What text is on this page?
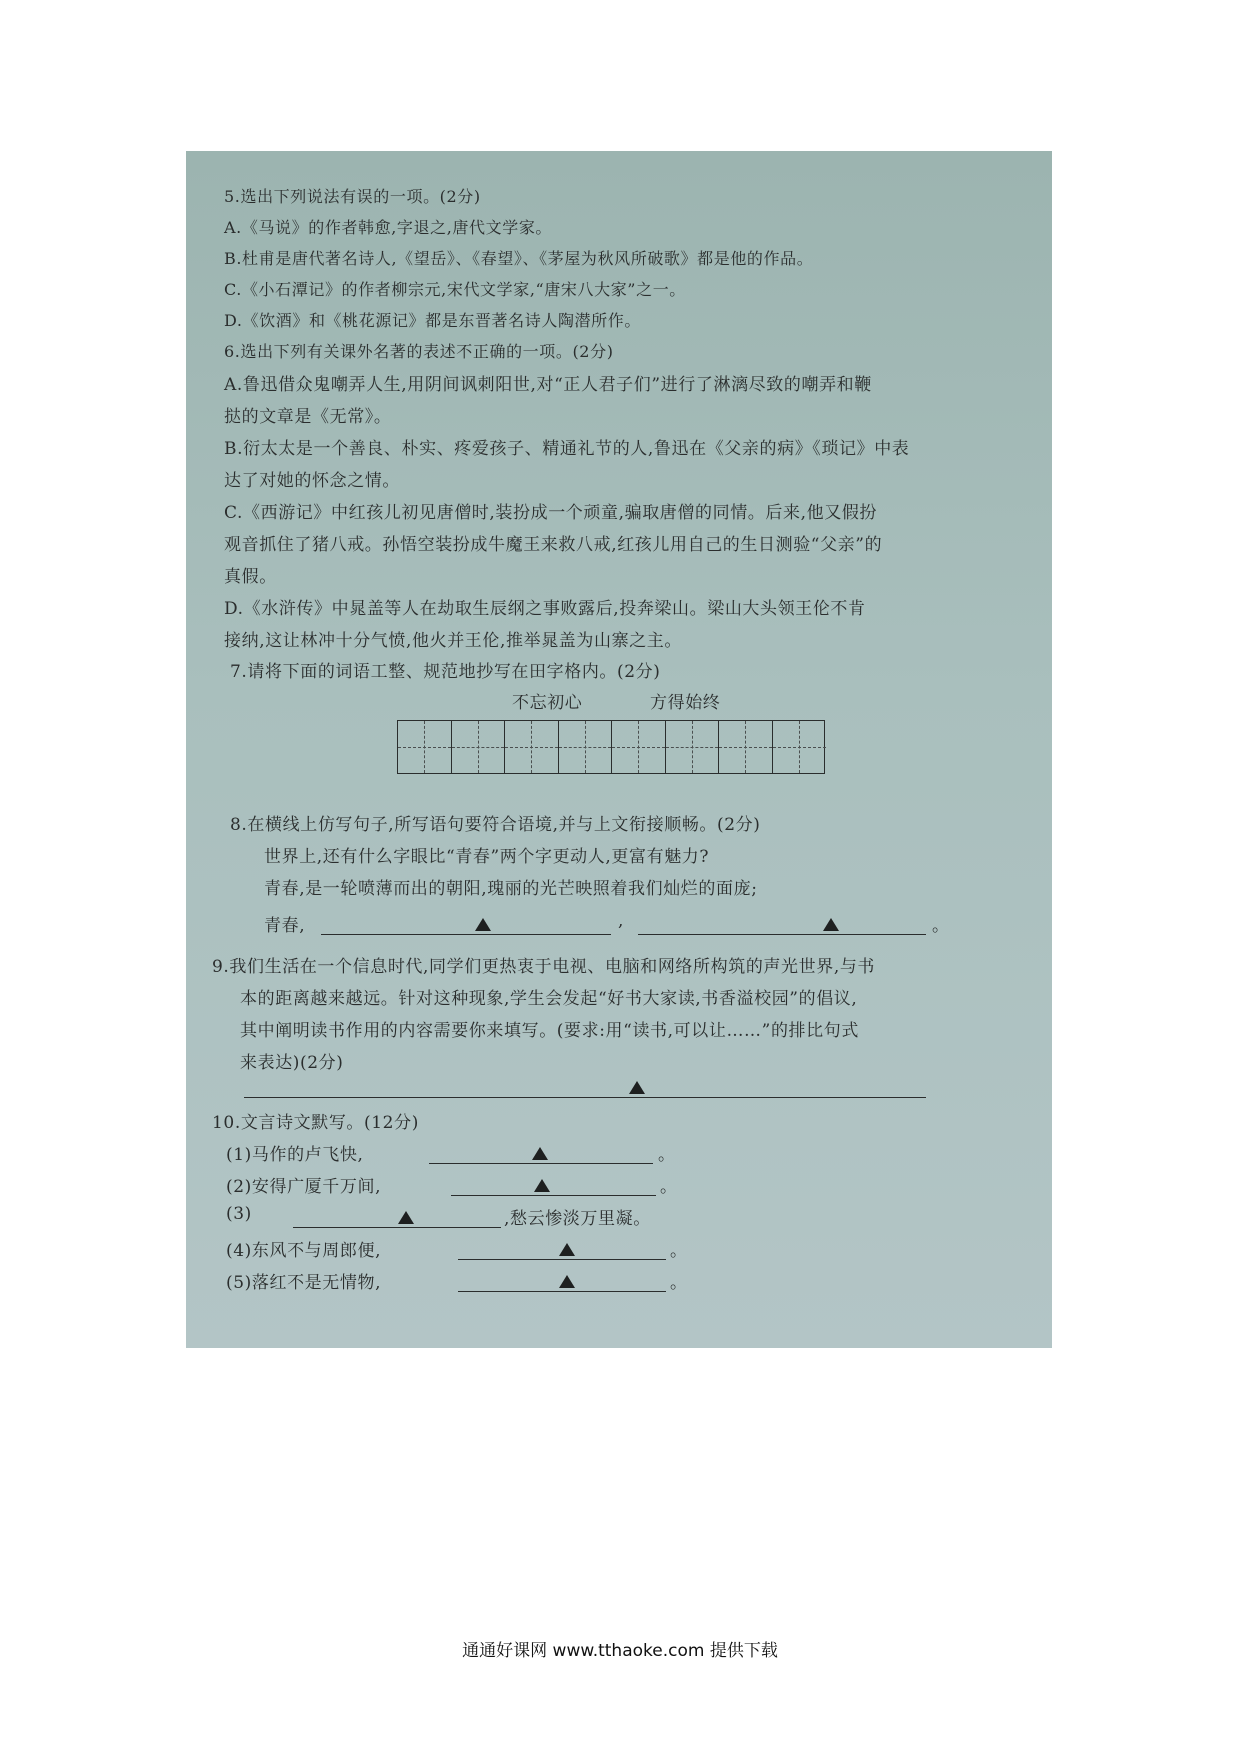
5.选出下列说法有误的一项。(2分)
A.《马说》的作者韩愈,字退之,唐代文学家。
B.杜甫是唐代著名诗人,《望岳》、《春望》、《茅屋为秋风所破歌》都是他的作品。
C.《小石潭记》的作者柳宗元,宋代文学家,“唐宋八大家”之一。
D.《饮酒》和《桃花源记》都是东晋著名诗人陶潜所作。
6.选出下列有关课外名著的表述不正确的一项。(2分)
A.鲁迅借众鬼嘲弄人生,用阴间讽刺阳世,对“正人君子们”进行了淋漓尽致的嘲弄和鞭
挞的文章是《无常》。
B.衍太太是一个善良、朴实、疼爱孩子、精通礼节的人,鲁迅在《父亲的病》《琐记》中表
达了对她的怀念之情。
C.《西游记》中红孩儿初见唐僧时,装扮成一个顽童,骗取唐僧的同情。后来,他又假扮
观音抓住了猪八戒。孙悟空装扮成牛魔王来救八戒,红孩儿用自己的生日测验“父亲”的
真假。
D.《水浒传》中晁盖等人在劫取生辰纲之事败露后,投奔梁山。梁山大头领王伦不肯
接纳,这让林冲十分气愤,他火并王伦,推举晁盖为山寨之主。
7.请将下面的词语工整、规范地抄写在田字格内。(2分)
不忘初心	方得始终
8.在横线上仿写句子,所写语句要符合语境,并与上文衔接顺畅。(2分)
世界上,还有什么字眼比“青春”两个字更动人,更富有魅力?
青春,是一轮喷薄而出的朝阳,瑰丽的光芒映照着我们灿烂的面庞;
青春,	,	。
9.我们生活在一个信息时代,同学们更热衷于电视、电脑和网络所构筑的声光世界,与书
本的距离越来越远。针对这种现象,学生会发起“好书大家读,书香溢校园”的倡议,
其中阐明读书作用的内容需要你来填写。(要求:用“读书,可以让……”的排比句式
来表达)(2分)
10.文言诗文默写。(12分)
(1)马作的卢飞快,	。
(2)安得广厦千万间,	。
(3)	,愁云惨淡万里凝。
(4)东风不与周郎便,	。
(5)落红不是无情物,	。
通通好课网 www.tthaoke.com 提供下载
